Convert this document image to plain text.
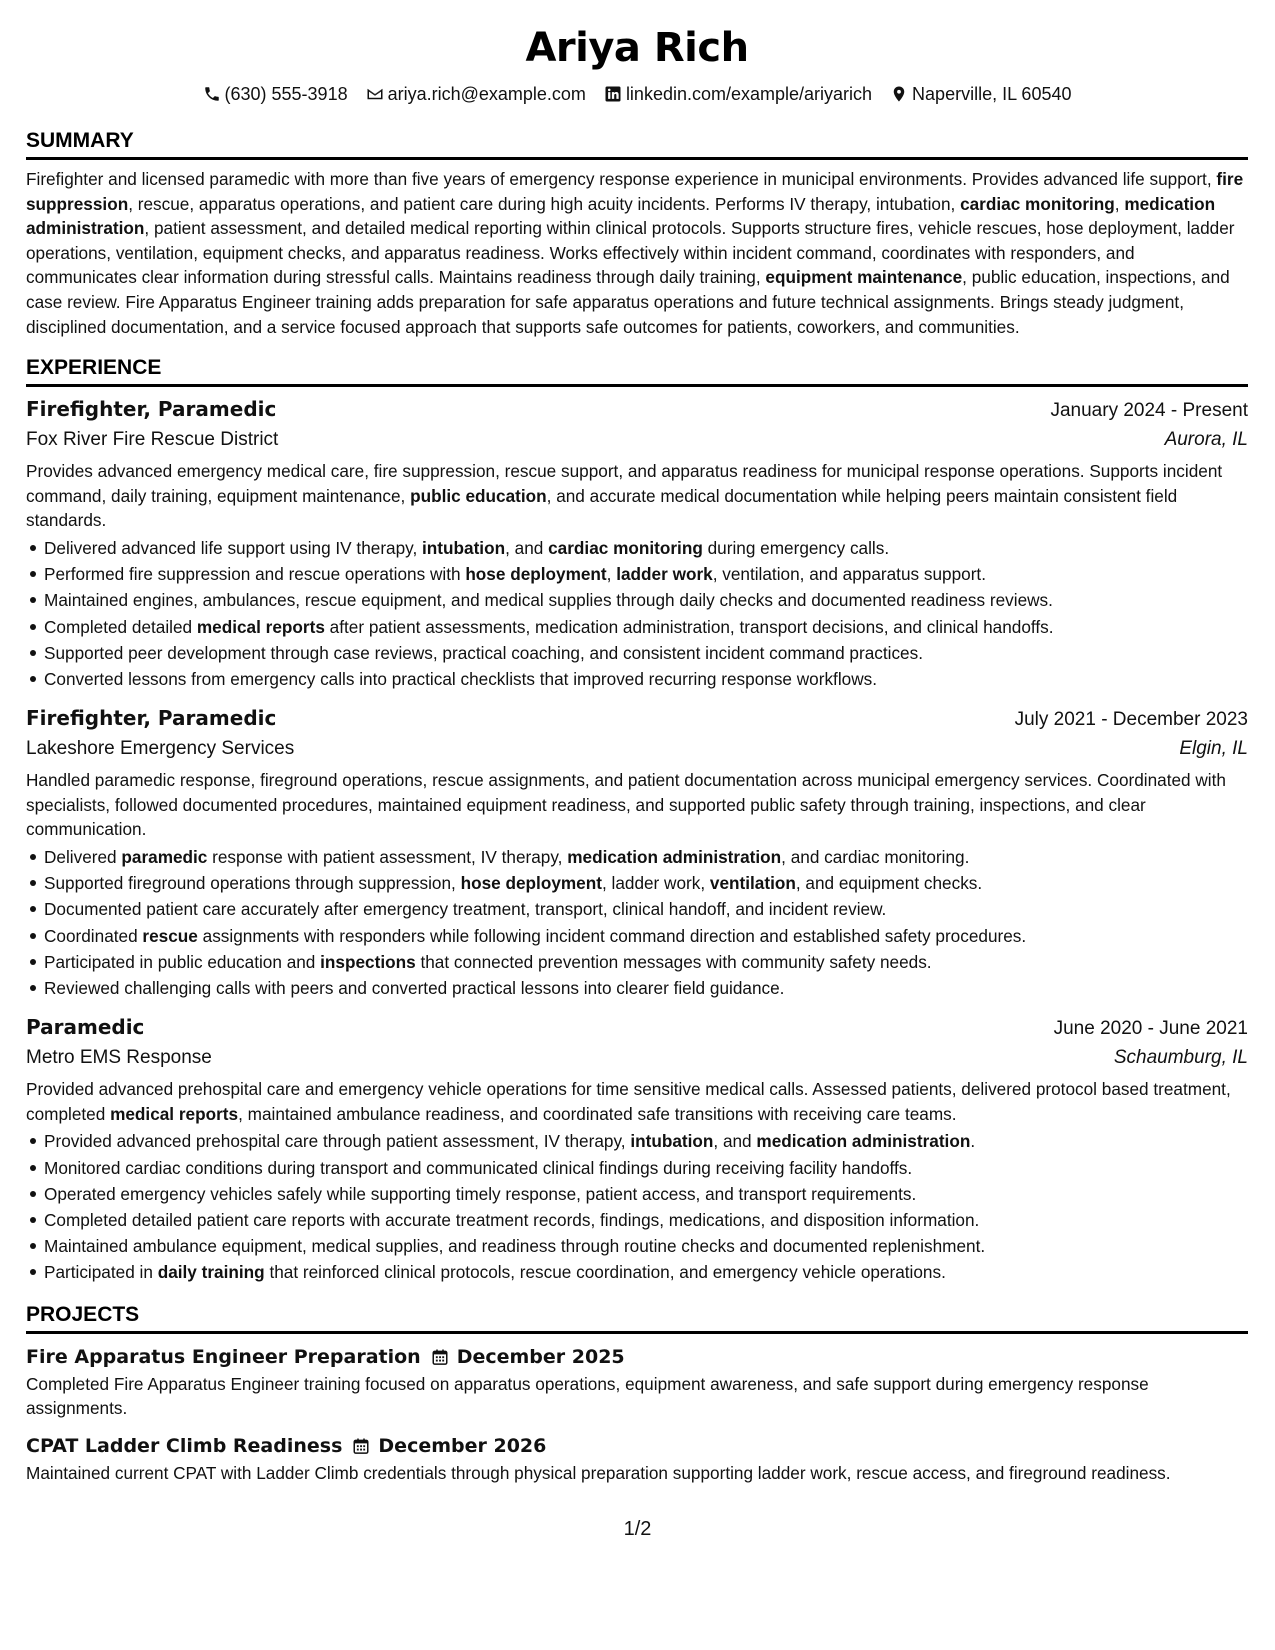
Ariya Rich
(630) 555-3918 ariya.rich@example.com linkedin.com/example/ariyarich Naperville, IL 60540
SUMMARY

Firefighter and licensed paramedic with more than five years of emergency response experience in municipal environments. Provides advanced life support, fire suppression, rescue, apparatus operations, and patient care during high acuity incidents. Performs IV therapy, intubation, cardiac monitoring, medication administration, patient assessment, and detailed medical reporting within clinical protocols. Supports structure fires, vehicle rescues, hose deployment, ladder operations, ventilation, equipment checks, and apparatus readiness. Works effectively within incident command, coordinates with responders, and communicates clear information during stressful calls. Maintains readiness through daily training, equipment maintenance, public education, inspections, and case review. Fire Apparatus Engineer training adds preparation for safe apparatus operations and future technical assignments. Brings steady judgment, disciplined documentation, and a service focused approach that supports safe outcomes for patients, coworkers, and communities.

EXPERIENCE
Firefighter, Paramedic	January 2024 - Present
Fox River Fire Rescue District	Aurora, IL

Provides advanced emergency medical care, fire suppression, rescue support, and apparatus readiness for municipal response operations. Supports incident command, daily training, equipment maintenance, public education, and accurate medical documentation while helping peers maintain consistent field standards.

Delivered advanced life support using IV therapy, intubation, and cardiac monitoring during emergency calls.
Performed fire suppression and rescue operations with hose deployment, ladder work, ventilation, and apparatus support.
Maintained engines, ambulances, rescue equipment, and medical supplies through daily checks and documented readiness reviews.
Completed detailed medical reports after patient assessments, medication administration, transport decisions, and clinical handoffs.
Supported peer development through case reviews, practical coaching, and consistent incident command practices.
Converted lessons from emergency calls into practical checklists that improved recurring response workflows.
Firefighter, Paramedic	July 2021 - December 2023
Lakeshore Emergency Services	Elgin, IL

Handled paramedic response, fireground operations, rescue assignments, and patient documentation across municipal emergency services. Coordinated with specialists, followed documented procedures, maintained equipment readiness, and supported public safety through training, inspections, and clear communication.

Delivered paramedic response with patient assessment, IV therapy, medication administration, and cardiac monitoring.
Supported fireground operations through suppression, hose deployment, ladder work, ventilation, and equipment checks.
Documented patient care accurately after emergency treatment, transport, clinical handoff, and incident review.
Coordinated rescue assignments with responders while following incident command direction and established safety procedures.
Participated in public education and inspections that connected prevention messages with community safety needs.
Reviewed challenging calls with peers and converted practical lessons into clearer field guidance.
Paramedic	June 2020 - June 2021
Metro EMS Response	Schaumburg, IL

Provided advanced prehospital care and emergency vehicle operations for time sensitive medical calls. Assessed patients, delivered protocol based treatment, completed medical reports, maintained ambulance readiness, and coordinated safe transitions with receiving care teams.

Provided advanced prehospital care through patient assessment, IV therapy, intubation, and medication administration.
Monitored cardiac conditions during transport and communicated clinical findings during receiving facility handoffs.
Operated emergency vehicles safely while supporting timely response, patient access, and transport requirements.
Completed detailed patient care reports with accurate treatment records, findings, medications, and disposition information.
Maintained ambulance equipment, medical supplies, and readiness through routine checks and documented replenishment.
Participated in daily training that reinforced clinical protocols, rescue coordination, and emergency vehicle operations.
PROJECTS
Fire Apparatus Engineer Preparation December 2025

Completed Fire Apparatus Engineer training focused on apparatus operations, equipment awareness, and safe support during emergency response assignments.

CPAT Ladder Climb Readiness December 2026

Maintained current CPAT with Ladder Climb credentials through physical preparation supporting ladder work, rescue access, and fireground readiness.

1/2
